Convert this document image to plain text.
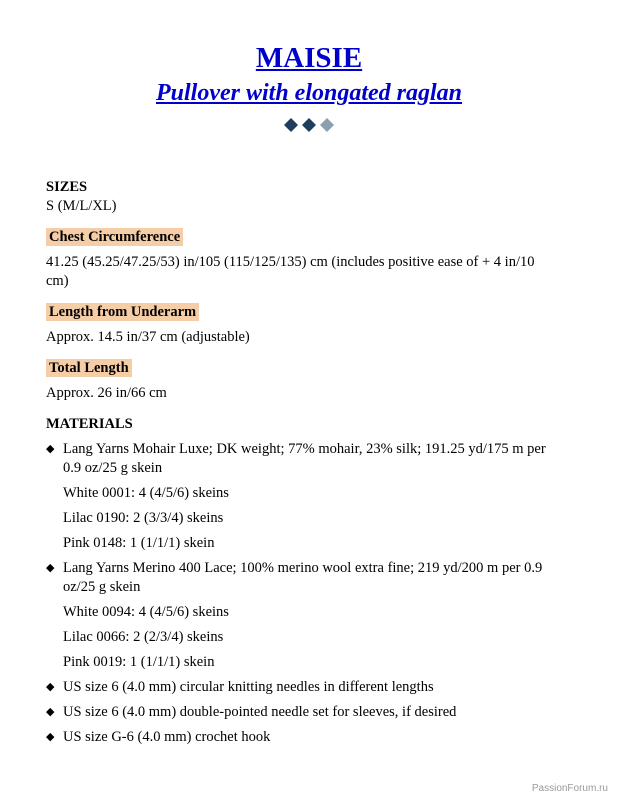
MAISIE
Pullover with elongated raglan

SIZES

S (M/L/XL)

Chest Circumference

41.25 (45.25/47.25/53) in/105 (115/125/135) cm (includes positive ease of + 4 in/10

cm)

Length from Underarm

Approx. 14.5 in/37 cm (adjustable)

Total Length

Approx. 26 in/66 cm

MATERIALS

◆ Lang Yarns Mohair Luxe; DK weight; 77% mohair, 23% silk; 191.25 yd/175 m per

0.9 oz/25 g skein

White 0001: 4 (4/5/6) skeins

Lilac 0190: 2 (3/3/4) skeins

Pink 0148: 1 (1/1/1) skein

◆ Lang Yarns Merino 400 Lace; 100% merino wool extra fine; 219 yd/200 m per 0.9

oz/25 g skein

White 0094: 4 (4/5/6) skeins

Lilac 0066: 2 (2/3/4) skeins

Pink 0019: 1 (1/1/1) skein

◆ US size 6 (4.0 mm) circular knitting needles in different lengths

◆ US size 6 (4.0 mm) double-pointed needle set for sleeves, if desired

◆ US size G-6 (4.0 mm) crochet hook

PassionForum.ru
